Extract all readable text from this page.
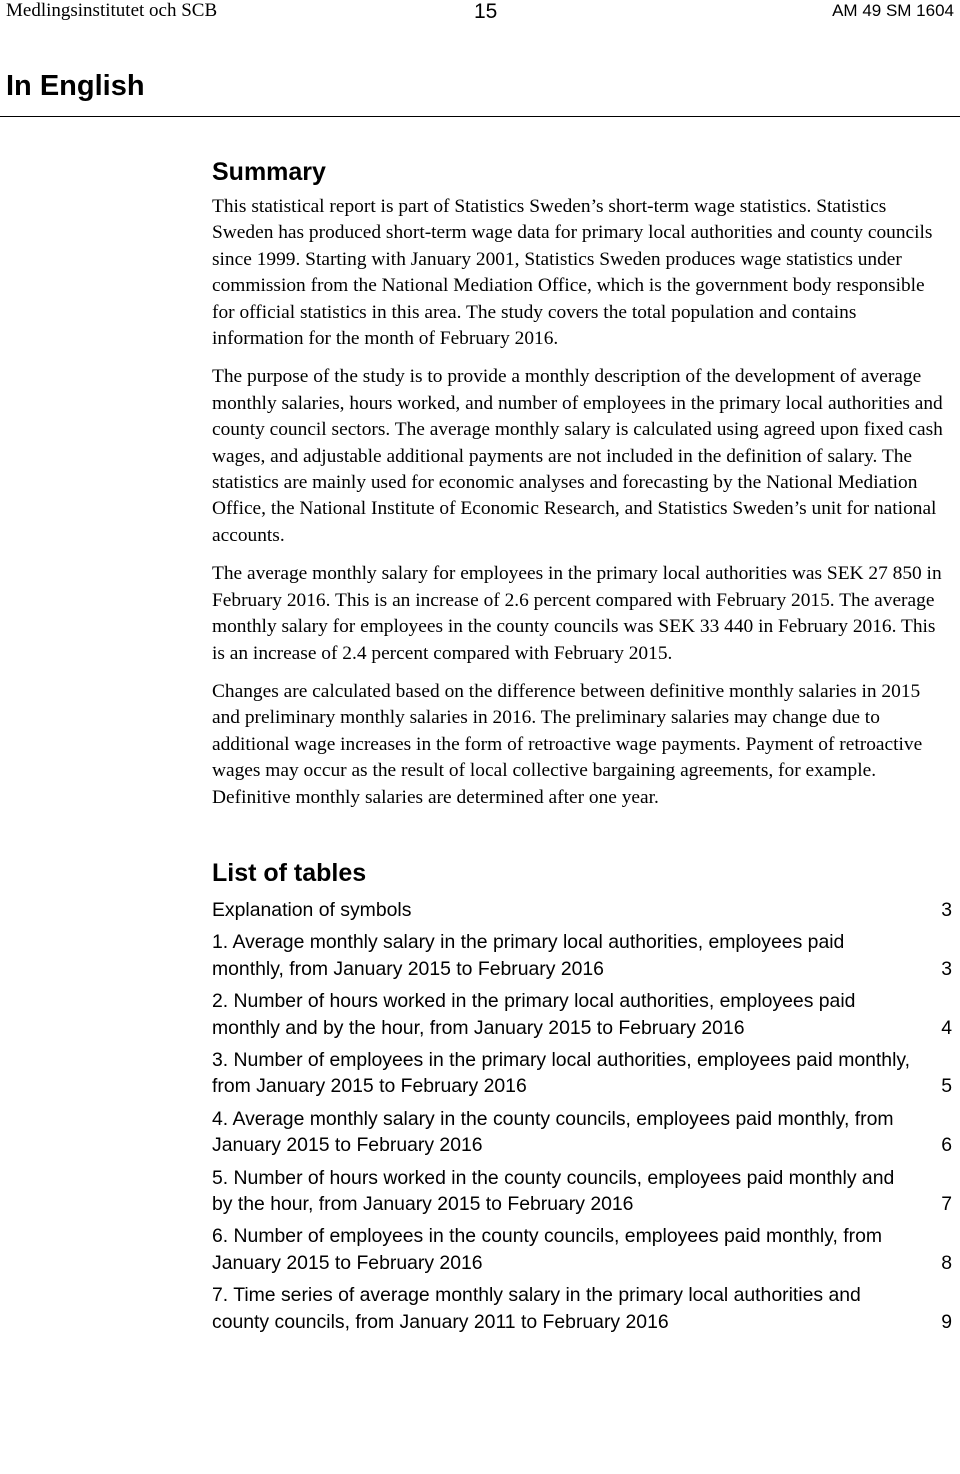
Medlingsinstitutet och SCB	15	AM 49 SM 1604
In English
Summary

This statistical report is part of Statistics Sweden’s short-term wage statistics. Statistics Sweden has produced short-term wage data for primary local authorities and county councils since 1999. Starting with January 2001, Statistics Sweden produces wage statistics under commission from the National Mediation Office, which is the government body responsible for official statistics in this area. The study covers the total population and contains information for the month of February 2016.

The purpose of the study is to provide a monthly description of the development of average monthly salaries, hours worked, and number of employees in the primary local authorities and county council sectors. The average monthly salary is calculated using agreed upon fixed cash wages, and adjustable additional payments are not included in the definition of salary. The statistics are mainly used for economic analyses and forecasting by the National Mediation Office, the National Institute of Economic Research, and Statistics Sweden’s unit for national accounts.

The average monthly salary for employees in the primary local authorities was SEK 27 850 in February 2016. This is an increase of 2.6 percent compared with February 2015. The average monthly salary for employees in the county councils was SEK 33 440 in February 2016. This is an increase of 2.4 percent compared with February 2015.

Changes are calculated based on the difference between definitive monthly salaries in 2015 and preliminary monthly salaries in 2016. The preliminary salaries may change due to additional wage increases in the form of retroactive wage payments. Payment of retroactive wages may occur as the result of local collective bargaining agreements, for example. Definitive monthly salaries are determined after one year.

List of tables
Explanation of symbols	3
1. Average monthly salary in the primary local authorities, employees paid monthly, from January 2015 to February 2016	3
2. Number of hours worked in the primary local authorities, employees paid monthly and by the hour, from January 2015 to February 2016	4
3. Number of employees in the primary local authorities, employees paid monthly, from January 2015 to February 2016	5
4. Average monthly salary in the county councils, employees paid monthly, from January 2015 to February 2016	6
5. Number of hours worked in the county councils, employees paid monthly and by the hour, from January 2015 to February 2016	7
6. Number of employees in the county councils, employees paid monthly, from January 2015 to February 2016	8
7. Time series of average monthly salary in the primary local authorities and county councils, from January 2011 to February 2016	9
